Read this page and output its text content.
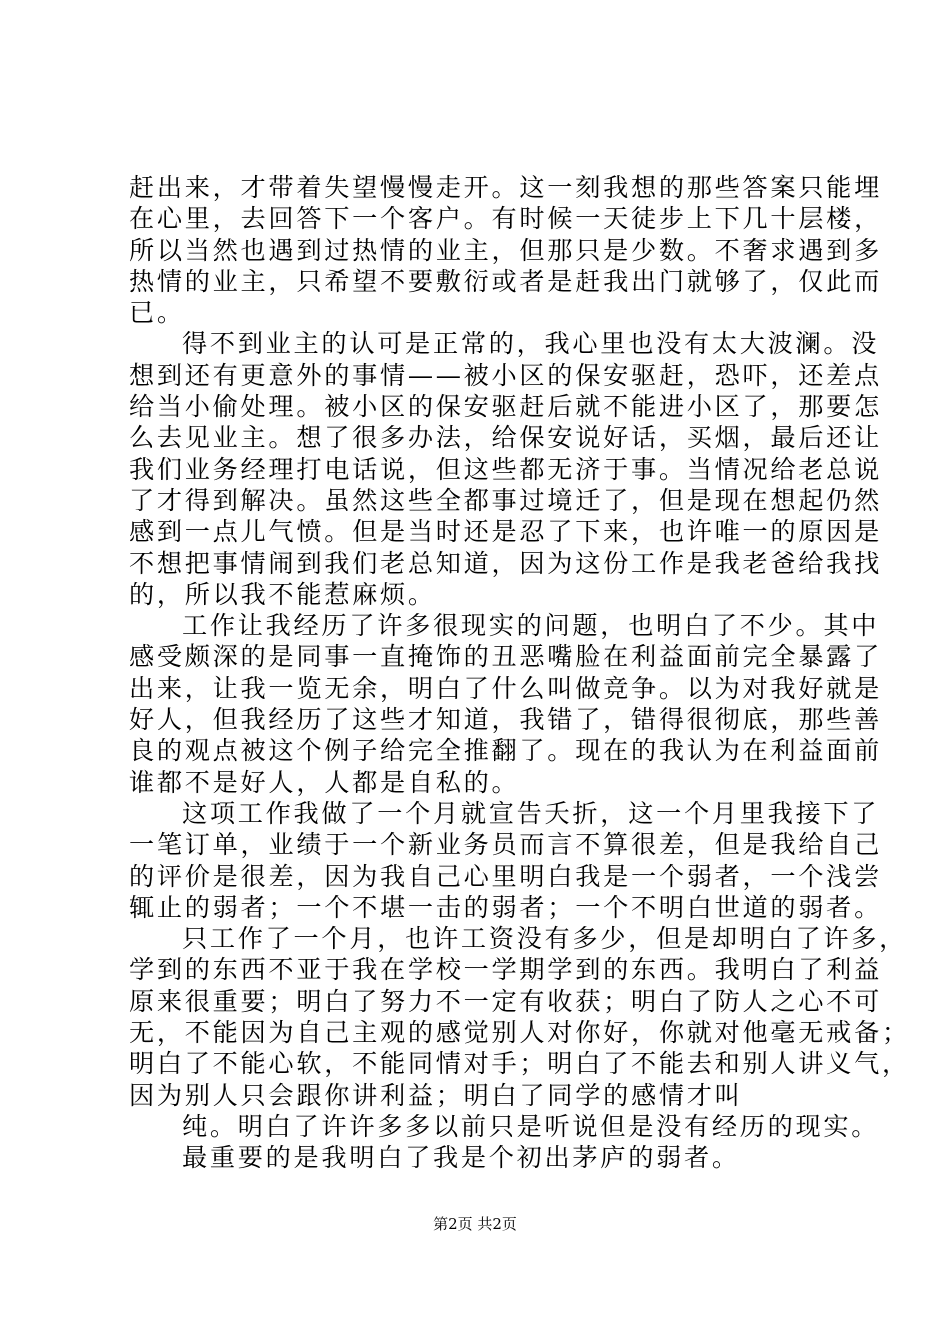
赶出来，才带着失望慢慢走开。这一刻我想的那些答案只能埋
在心里，去回答下一个客户。有时候一天徒步上下几十层楼，
所以当然也遇到过热情的业主，但那只是少数。不奢求遇到多
热情的业主，只希望不要敷衍或者是赶我出门就够了，仅此而
已。
得不到业主的认可是正常的，我心里也没有太大波澜。没
想到还有更意外的事情——被小区的保安驱赶，恐吓，还差点
给当小偷处理。被小区的保安驱赶后就不能进小区了，那要怎
么去见业主。想了很多办法，给保安说好话，买烟，最后还让
我们业务经理打电话说，但这些都无济于事。当情况给老总说
了才得到解决。虽然这些全都事过境迁了，但是现在想起仍然
感到一点儿气愤。但是当时还是忍了下来，也许唯一的原因是
不想把事情闹到我们老总知道，因为这份工作是我老爸给我找
的，所以我不能惹麻烦。
工作让我经历了许多很现实的问题，也明白了不少。其中
感受颇深的是同事一直掩饰的丑恶嘴脸在利益面前完全暴露了
出来，让我一览无余，明白了什么叫做竞争。以为对我好就是
好人，但我经历了这些才知道，我错了，错得很彻底，那些善
良的观点被这个例子给完全推翻了。现在的我认为在利益面前
谁都不是好人，人都是自私的。
这项工作我做了一个月就宣告夭折，这一个月里我接下了
一笔订单，业绩于一个新业务员而言不算很差，但是我给自己
的评价是很差，因为我自己心里明白我是一个弱者，一个浅尝
辄止的弱者；一个不堪一击的弱者；一个不明白世道的弱者。
只工作了一个月，也许工资没有多少，但是却明白了许多，
学到的东西不亚于我在学校一学期学到的东西。我明白了利益
原来很重要；明白了努力不一定有收获；明白了防人之心不可
无，不能因为自己主观的感觉别人对你好，你就对他毫无戒备；
明白了不能心软，不能同情对手；明白了不能去和别人讲义气，
因为别人只会跟你讲利益；明白了同学的感情才叫
纯。明白了许许多多以前只是听说但是没有经历的现实。
最重要的是我明白了我是个初出茅庐的弱者。
第2页 共2页
